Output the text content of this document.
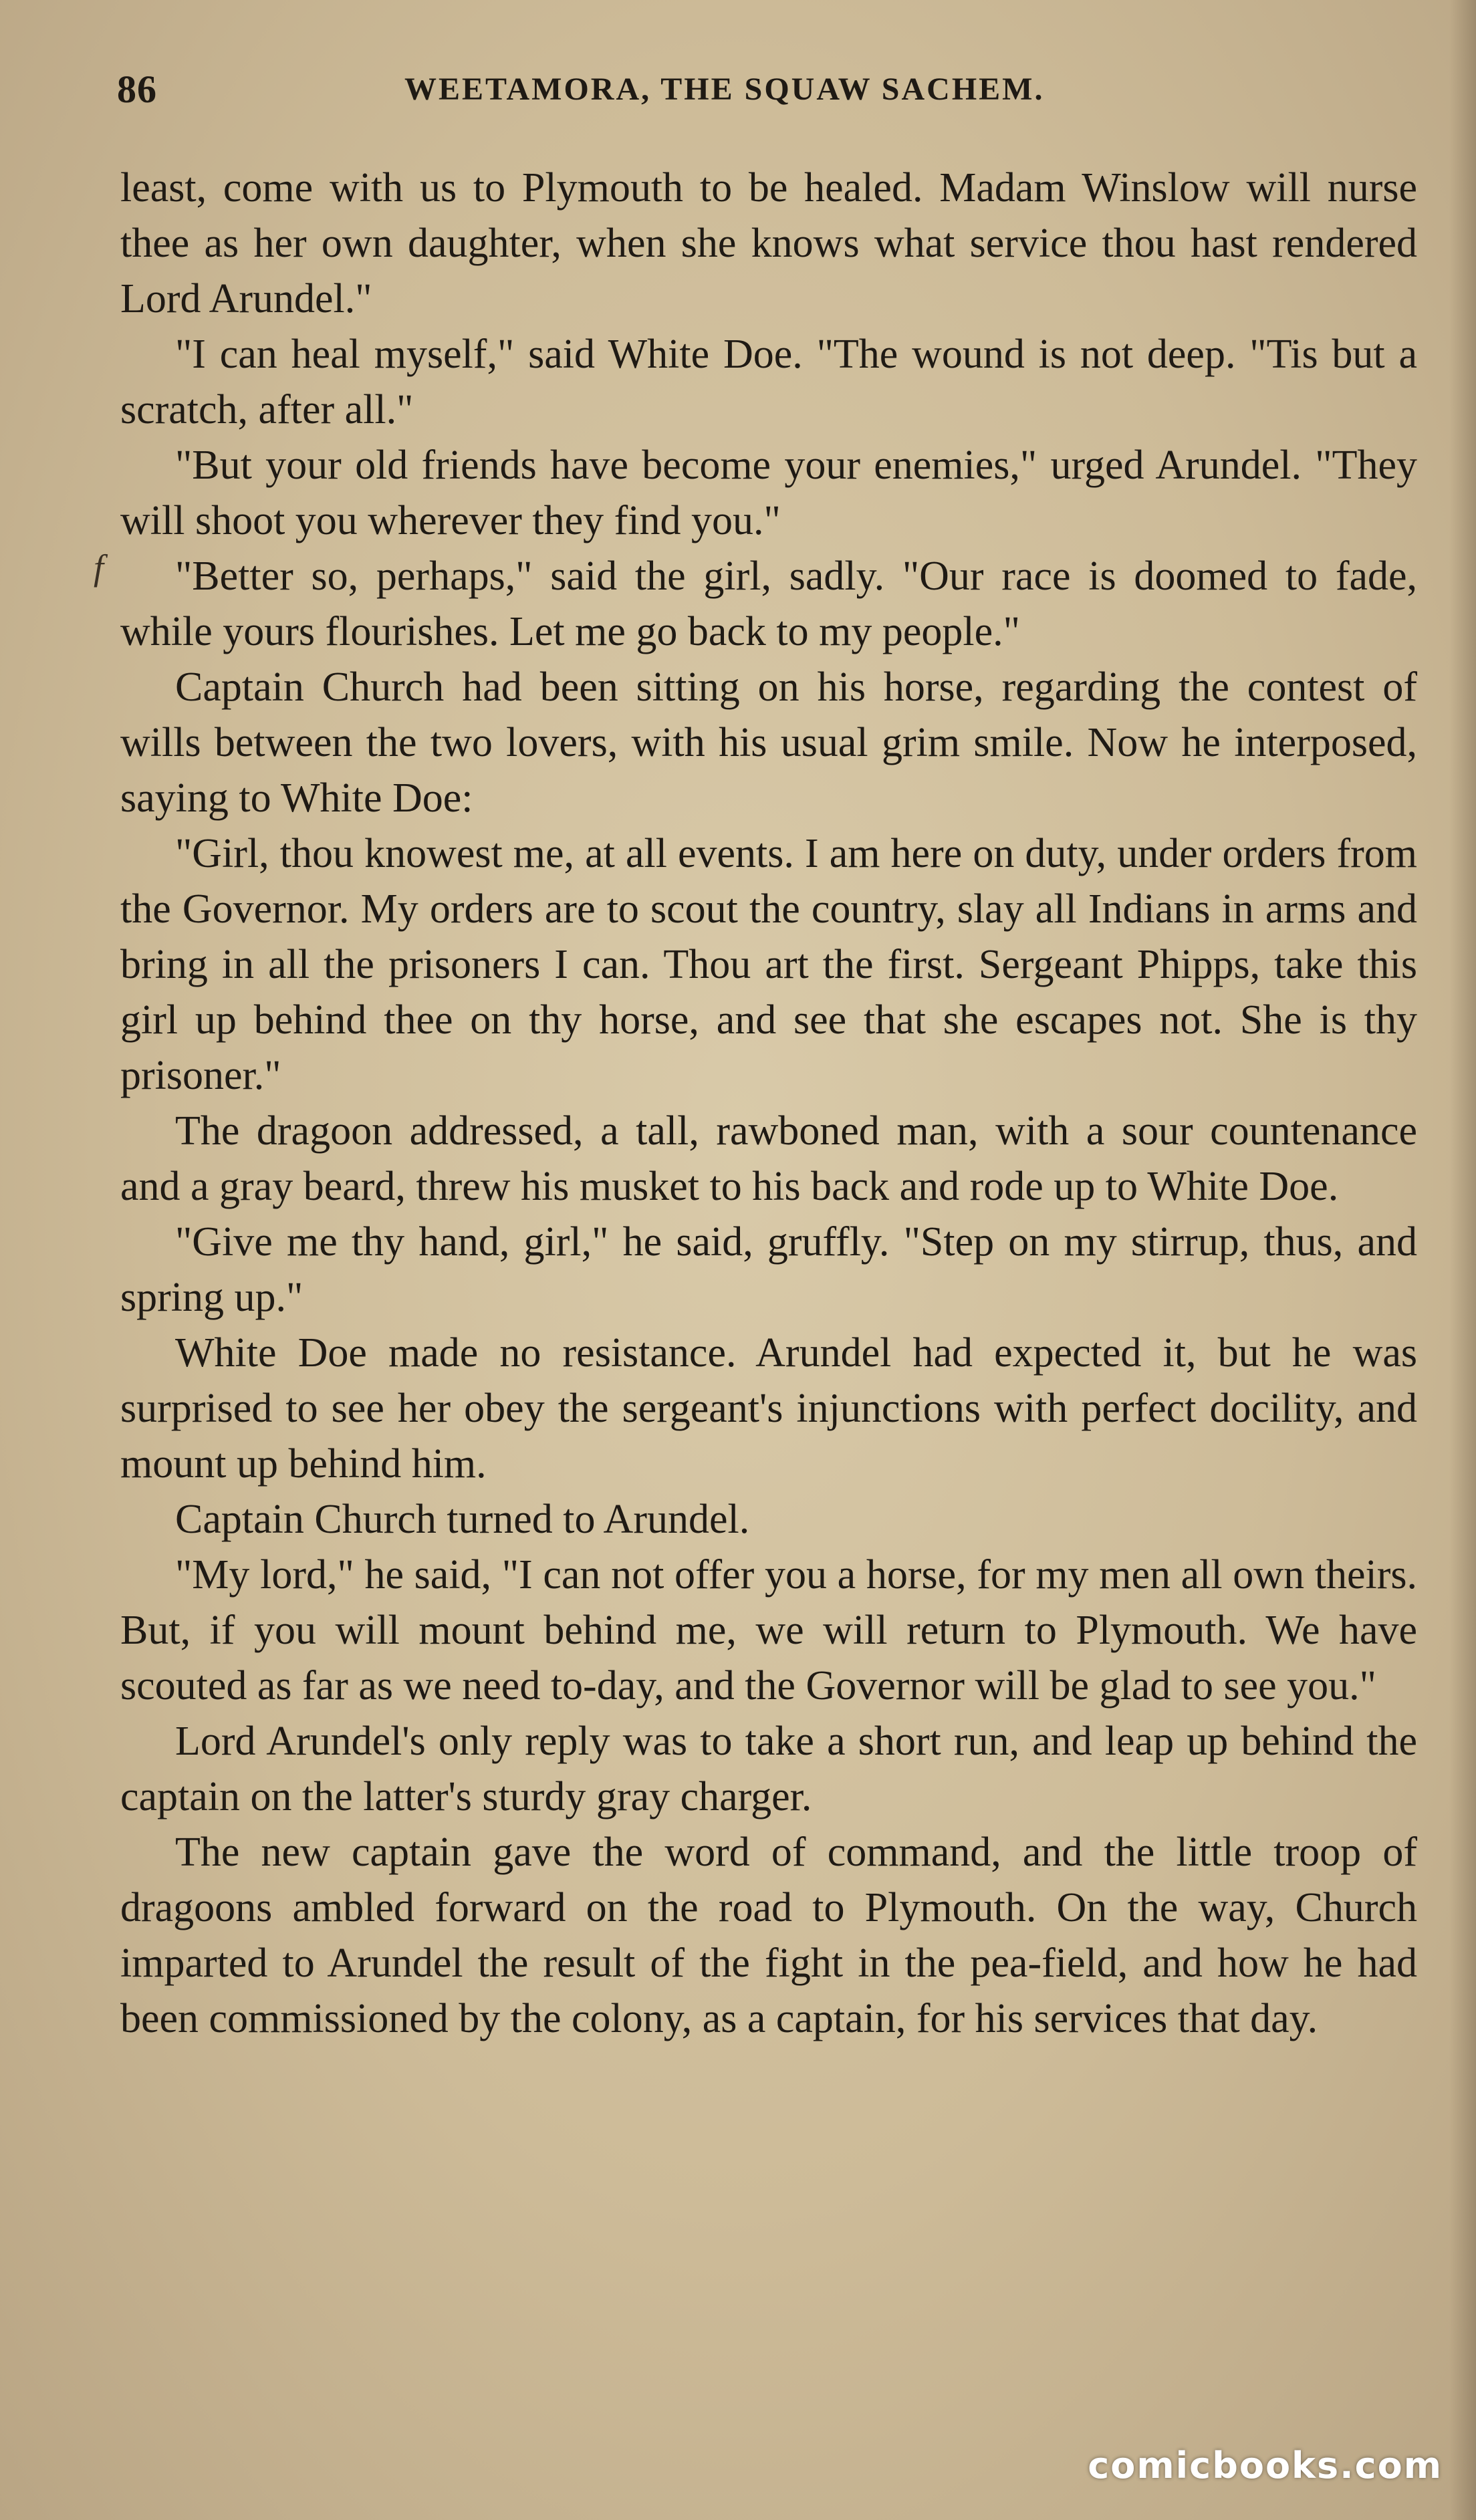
86	WEETAMORA, THE SQUAW SACHEM.
f

least, come with us to Plymouth to be healed. Madam Winslow will nurse thee as her own daughter, when she knows what service thou hast rendered Lord Arundel."

"I can heal myself," said White Doe. "The wound is not deep. "Tis but a scratch, after all."

"But your old friends have become your enemies," urged Arundel. "They will shoot you wherever they find you."

"Better so, perhaps," said the girl, sadly. "Our race is doomed to fade, while yours flourishes. Let me go back to my people."

Captain Church had been sitting on his horse, regarding the contest of wills between the two lovers, with his usual grim smile. Now he interposed, saying to White Doe:

"Girl, thou knowest me, at all events. I am here on duty, under orders from the Governor. My orders are to scout the country, slay all Indians in arms and bring in all the prisoners I can. Thou art the first. Sergeant Phipps, take this girl up behind thee on thy horse, and see that she escapes not. She is thy prisoner."

The dragoon addressed, a tall, rawboned man, with a sour countenance and a gray beard, threw his musket to his back and rode up to White Doe.

"Give me thy hand, girl," he said, gruffly. "Step on my stirrup, thus, and spring up."

White Doe made no resistance. Arundel had expected it, but he was surprised to see her obey the sergeant's injunctions with perfect docility, and mount up behind him.

Captain Church turned to Arundel.

"My lord," he said, "I can not offer you a horse, for my men all own theirs. But, if you will mount behind me, we will return to Plymouth. We have scouted as far as we need to-day, and the Governor will be glad to see you."

Lord Arundel's only reply was to take a short run, and leap up behind the captain on the latter's sturdy gray charger.

The new captain gave the word of command, and the little troop of dragoons ambled forward on the road to Plymouth. On the way, Church imparted to Arundel the result of the fight in the pea-field, and how he had been commissioned by the colony, as a captain, for his services that day.

comicbooks.com
